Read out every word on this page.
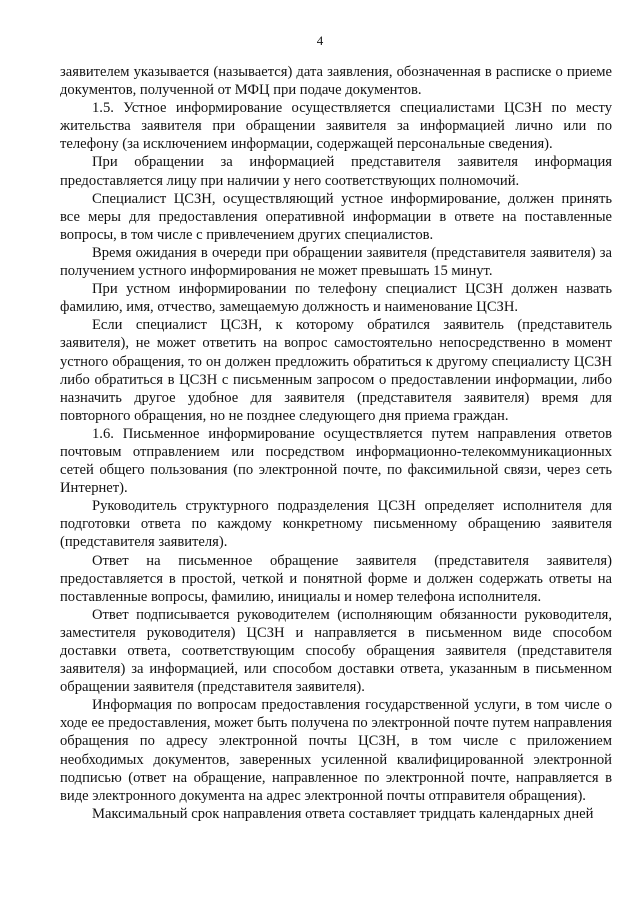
4

заявителем указывается (называется) дата заявления, обозначенная в расписке о приеме документов, полученной от МФЦ при подаче документов.

1.5. Устное информирование осуществляется специалистами ЦСЗН по месту жительства заявителя при обращении заявителя за информацией лично или по телефону (за исключением информации, содержащей персональные сведения).

При обращении за информацией представителя заявителя информация предоставляется лицу при наличии у него соответствующих полномочий.

Специалист ЦСЗН, осуществляющий устное информирование, должен принять все меры для предоставления оперативной информации в ответе на поставленные вопросы, в том числе с привлечением других специалистов.

Время ожидания в очереди при обращении заявителя (представителя заявителя) за получением устного информирования не может превышать 15 минут.

При устном информировании по телефону специалист ЦСЗН должен назвать фамилию, имя, отчество, замещаемую должность и наименование ЦСЗН.

Если специалист ЦСЗН, к которому обратился заявитель (представитель заявителя), не может ответить на вопрос самостоятельно непосредственно в момент устного обращения, то он должен предложить обратиться к другому специалисту ЦСЗН либо обратиться в ЦСЗН с письменным запросом о предоставлении информации, либо назначить другое удобное для заявителя (представителя заявителя) время для повторного обращения, но не позднее следующего дня приема граждан.

1.6. Письменное информирование осуществляется путем направления ответов почтовым отправлением или посредством информационно-телекоммуникационных сетей общего пользования (по электронной почте, по факсимильной связи, через сеть Интернет).

Руководитель структурного подразделения ЦСЗН определяет исполнителя для подготовки ответа по каждому конкретному письменному обращению заявителя (представителя заявителя).

Ответ на письменное обращение заявителя (представителя заявителя) предоставляется в простой, четкой и понятной форме и должен содержать ответы на поставленные вопросы, фамилию, инициалы и номер телефона исполнителя.

Ответ подписывается руководителем (исполняющим обязанности руководителя, заместителя руководителя) ЦСЗН и направляется в письменном виде способом доставки ответа, соответствующим способу обращения заявителя (представителя заявителя) за информацией, или способом доставки ответа, указанным в письменном обращении заявителя (представителя заявителя).

Информация по вопросам предоставления государственной услуги, в том числе о ходе ее предоставления, может быть получена по электронной почте путем направления обращения по адресу электронной почты ЦСЗН, в том числе с приложением необходимых документов, заверенных усиленной квалифицированной электронной подписью (ответ на обращение, направленное по электронной почте, направляется в виде электронного документа на адрес электронной почты отправителя обращения).

Максимальный срок направления ответа составляет тридцать календарных дней
